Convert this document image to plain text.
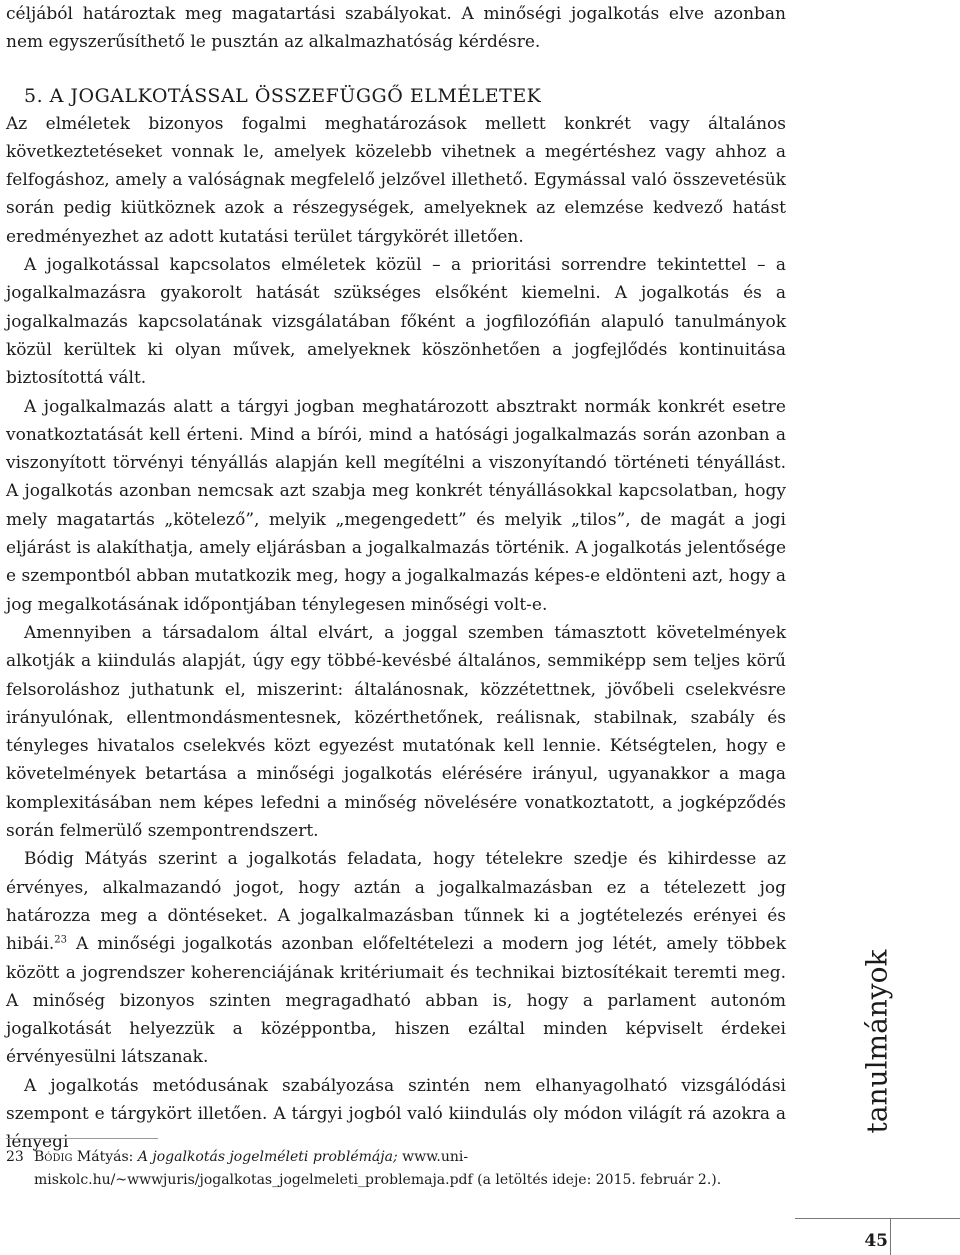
céljából határoztak meg magatartási szabályokat. A minőségi jogalkotás elve azonban nem egyszerűsíthető le pusztán az alkalmazhatóság kérdésre.

5. A JOGALKOTÁSSAL ÖSSZEFÜGGŐ ELMÉLETEK

Az elméletek bizonyos fogalmi meghatározások mellett konkrét vagy általános következtetéseket vonnak le, amelyek közelebb vihetnek a megértéshez vagy ahhoz a felfogáshoz, amely a valóságnak megfelelő jelzővel illethető. Egymással való összevetésük során pedig kiütköznek azok a részegységek, amelyeknek az elemzése kedvező hatást eredményezhet az adott kutatási terület tárgykörét illetően.

A jogalkotással kapcsolatos elméletek közül – a prioritási sorrendre tekintettel – a jogalkalmazásra gyakorolt hatását szükséges elsőként kiemelni. A jogalkotás és a jogalkalmazás kapcsolatának vizsgálatában főként a jogfilozófián alapuló tanulmányok közül kerültek ki olyan művek, amelyeknek köszönhetően a jogfejlődés kontinuitása biztosítottá vált.

A jogalkalmazás alatt a tárgyi jogban meghatározott absztrakt normák konkrét esetre vonatkoztatását kell érteni. Mind a bírói, mind a hatósági jogalkalmazás során azonban a viszonyított törvényi tényállás alapján kell megítélni a viszonyítandó történeti tényállást. A jogalkotás azonban nemcsak azt szabja meg konkrét tényállásokkal kapcsolatban, hogy mely magatartás „kötelező”, melyik „megengedett” és melyik „tilos”, de magát a jogi eljárást is alakíthatja, amely eljárásban a jogalkalmazás történik. A jogalkotás jelentősége e szempontból abban mutatkozik meg, hogy a jogalkalmazás képes-e eldönteni azt, hogy a jog megalkotásának időpontjában ténylegesen minőségi volt-e.

Amennyiben a társadalom által elvárt, a joggal szemben támasztott követelmények alkotják a kiindulás alapját, úgy egy többé-kevésbé általános, semmiképp sem teljes körű felsoroláshoz juthatunk el, miszerint: általánosnak, közzétettnek, jövőbeli cselekvésre irányulónak, ellentmondásmentesnek, közérthetőnek, reálisnak, stabilnak, szabály és tényleges hivatalos cselekvés közt egyezést mutatónak kell lennie. Kétségtelen, hogy e követelmények betartása a minőségi jogalkotás elérésére irányul, ugyanakkor a maga komplexitásában nem képes lefedni a minőség növelésére vonatkoztatott, a jogképződés során felmerülő szempontrendszert.

Bódig Mátyás szerint a jogalkotás feladata, hogy tételekre szedje és kihirdesse az érvényes, alkalmazandó jogot, hogy aztán a jogalkalmazásban ez a tételezett jog határozza meg a döntéseket. A jogalkalmazásban tűnnek ki a jogtételezés erényei és hibái.$^{23}$ A minőségi jogalkotás azonban előfeltételezi a modern jog létét, amely többek között a jogrendszer koherenciájának kritériumait és technikai biztosítékait teremti meg. A minőség bizonyos szinten megragadható abban is, hogy a parlament autonóm jogalkotását helyezzük a középpontba, hiszen ezáltal minden képviselt érdekei érvényesülni látszanak.

A jogalkotás metódusának szabályozása szintén nem elhanyagolható vizsgálódási szempont e tárgykört illetően. A tárgyi jogból való kiindulás oly módon világít rá azokra a lényegi

23 Bódig Mátyás: A jogalkotás jogelméleti problémája; www.uni-miskolc.hu/~wwwjuris/jogalkotas_jogelmeleti_problemaja.pdf (a letöltés ideje: 2015. február 2.).
tanulmányok
45
